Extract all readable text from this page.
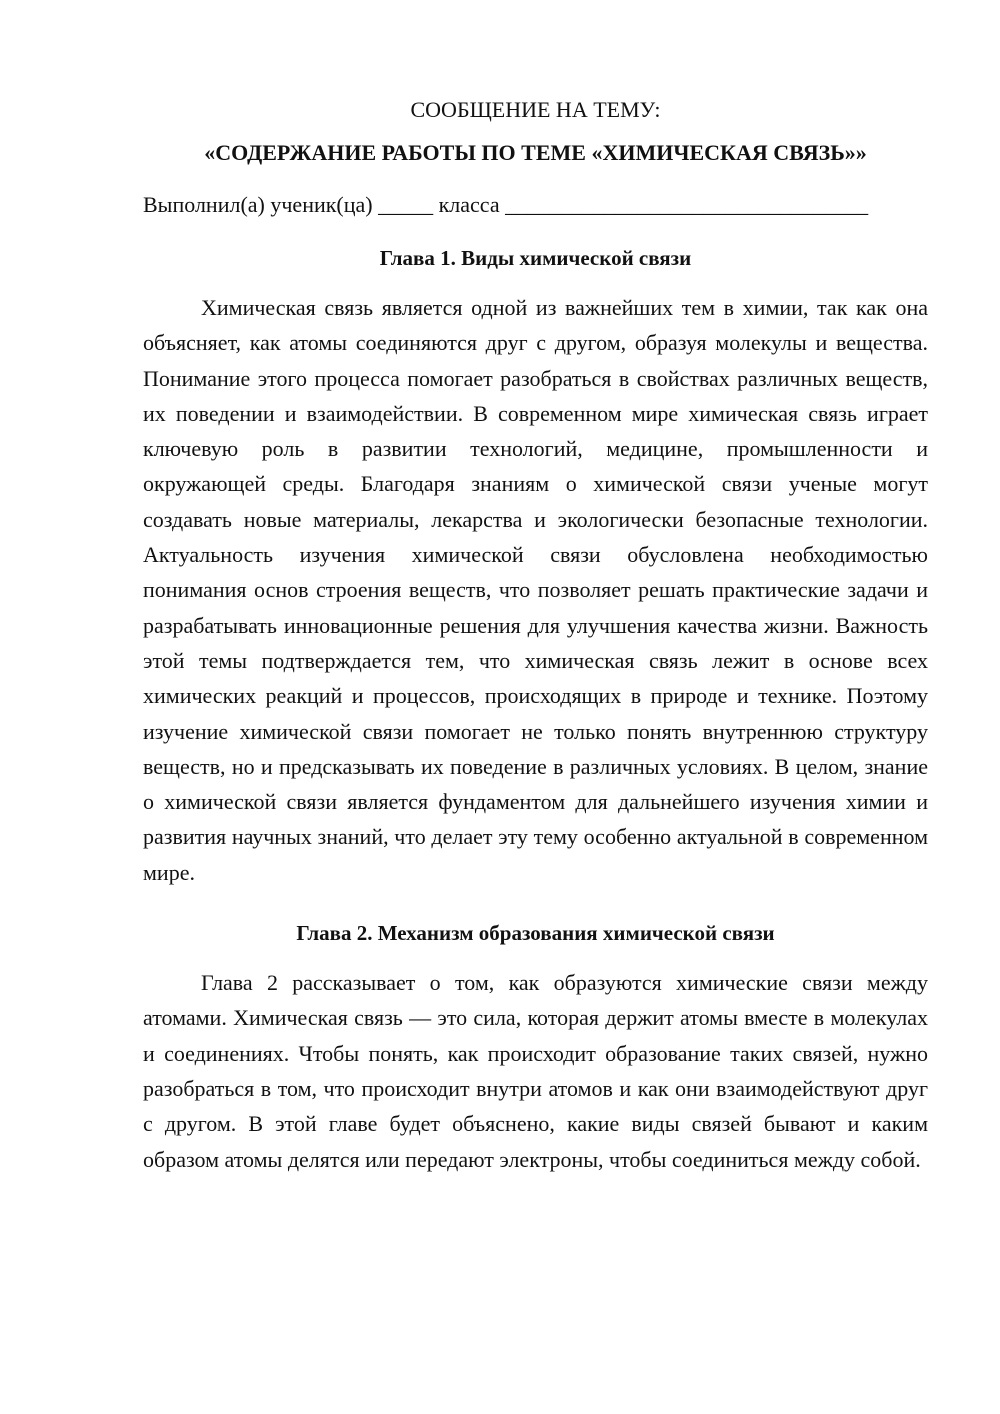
СООБЩЕНИЕ НА ТЕМУ:

«СОДЕРЖАНИЕ РАБОТЫ ПО ТЕМЕ «ХИМИЧЕСКАЯ СВЯЗЬ»»

Выполнил(а) ученик(ца) _____ класса _________________________________
Глава 1. Виды химической связи

Химическая связь является одной из важнейших тем в химии, так как она объясняет, как атомы соединяются друг с другом, образуя молекулы и вещества. Понимание этого процесса помогает разобраться в свойствах различных веществ, их поведении и взаимодействии. В современном мире химическая связь играет ключевую роль в развитии технологий, медицине, промышленности и окружающей среды. Благодаря знаниям о химической связи ученые могут создавать новые материалы, лекарства и экологически безопасные технологии. Актуальность изучения химической связи обусловлена необходимостью понимания основ строения веществ, что позволяет решать практические задачи и разрабатывать инновационные решения для улучшения качества жизни. Важность этой темы подтверждается тем, что химическая связь лежит в основе всех химических реакций и процессов, происходящих в природе и технике. Поэтому изучение химической связи помогает не только понять внутреннюю структуру веществ, но и предсказывать их поведение в различных условиях. В целом, знание о химической связи является фундаментом для дальнейшего изучения химии и развития научных знаний, что делает эту тему особенно актуальной в современном мире.

Глава 2. Механизм образования химической связи

Глава 2 рассказывает о том, как образуются химические связи между атомами. Химическая связь — это сила, которая держит атомы вместе в молекулах и соединениях. Чтобы понять, как происходит образование таких связей, нужно разобраться в том, что происходит внутри атомов и как они взаимодействуют друг с другом. В этой главе будет объяснено, какие виды связей бывают и каким образом атомы делятся или передают электроны, чтобы соединиться между собой.
